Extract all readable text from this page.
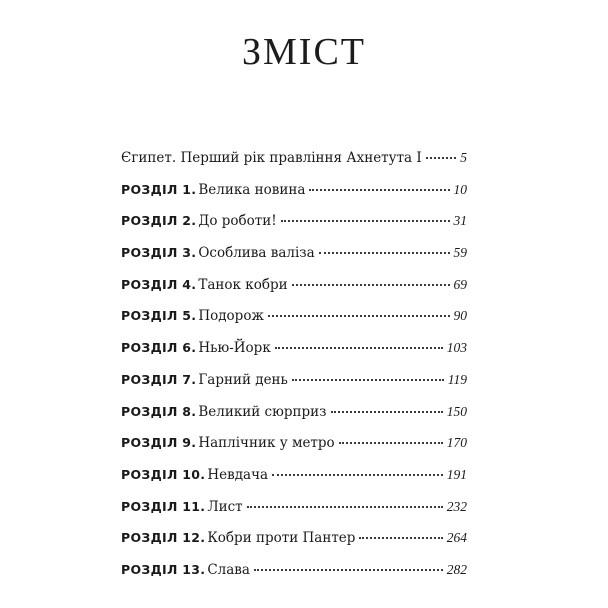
ЗМІСТ
Єгипет. Перший рік правління Ахнетута I	5
РОЗДІЛ 1. Велика новина	10
РОЗДІЛ 2. До роботи!	31
РОЗДІЛ 3. Особлива валіза	59
РОЗДІЛ 4. Танок кобри	69
РОЗДІЛ 5. Подорож	90
РОЗДІЛ 6. Нью-Йорк	103
РОЗДІЛ 7. Гарний день	119
РОЗДІЛ 8. Великий сюрприз	150
РОЗДІЛ 9. Наплічник у метро	170
РОЗДІЛ 10. Невдача	191
РОЗДІЛ 11. Лист	232
РОЗДІЛ 12. Кобри проти Пантер	264
РОЗДІЛ 13. Слава	282
